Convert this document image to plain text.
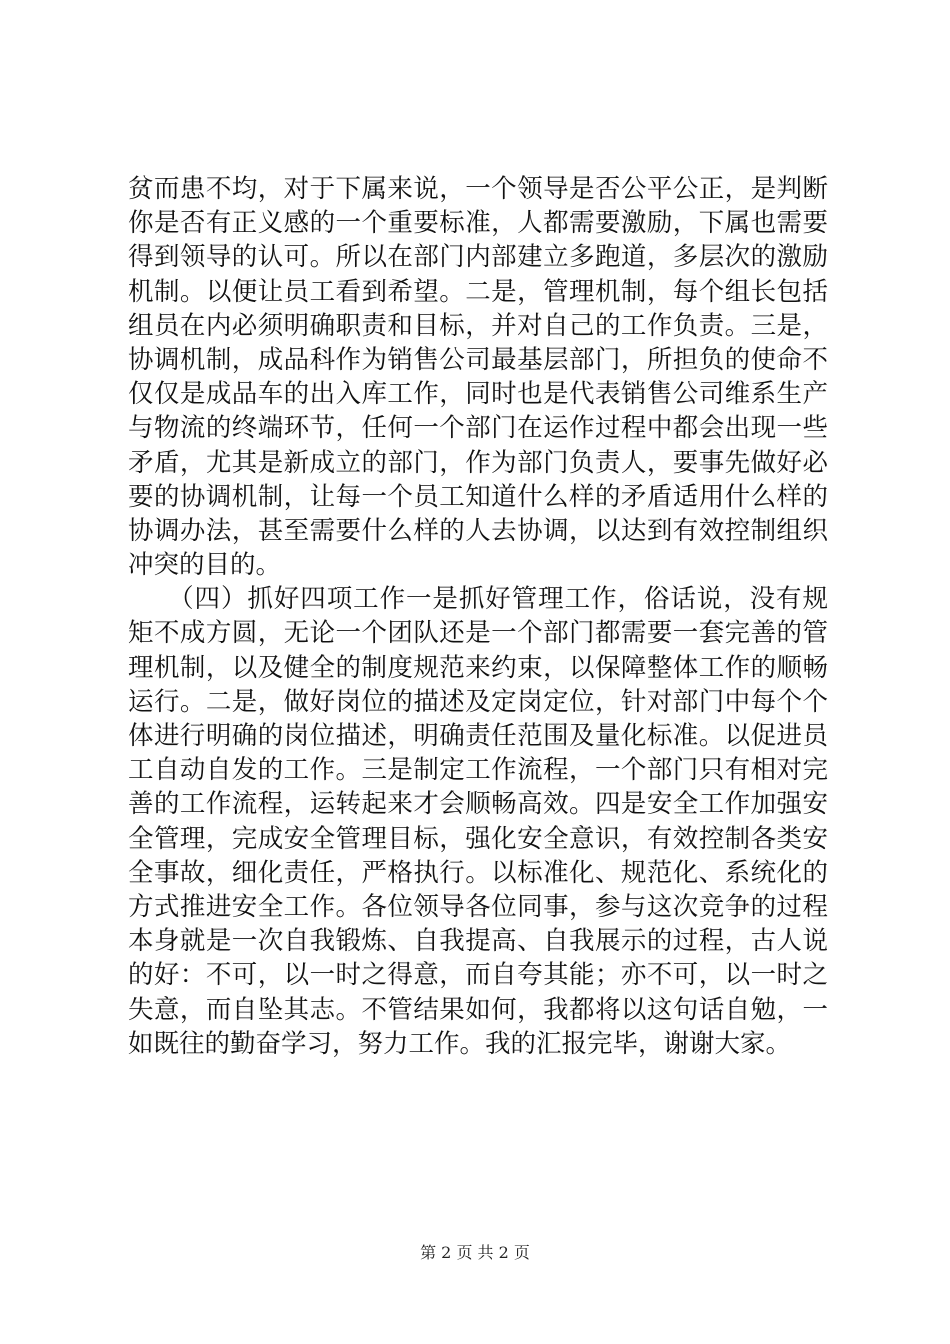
贫而患不均，对于下属来说，一个领导是否公平公正，是判断
你是否有正义感的一个重要标准，人都需要激励，下属也需要
得到领导的认可。所以在部门内部建立多跑道，多层次的激励
机制。以便让员工看到希望。二是，管理机制，每个组长包括
组员在内必须明确职责和目标，并对自己的工作负责。三是，
协调机制，成品科作为销售公司最基层部门，所担负的使命不
仅仅是成品车的出入库工作，同时也是代表销售公司维系生产
与物流的终端环节，任何一个部门在运作过程中都会出现一些
矛盾，尤其是新成立的部门，作为部门负责人，要事先做好必
要的协调机制，让每一个员工知道什么样的矛盾适用什么样的
协调办法，甚至需要什么样的人去协调，以达到有效控制组织
冲突的目的。
　　（四）抓好四项工作一是抓好管理工作，俗话说，没有规
矩不成方圆，无论一个团队还是一个部门都需要一套完善的管
理机制，以及健全的制度规范来约束，以保障整体工作的顺畅
运行。二是，做好岗位的描述及定岗定位，针对部门中每个个
体进行明确的岗位描述，明确责任范围及量化标准。以促进员
工自动自发的工作。三是制定工作流程，一个部门只有相对完
善的工作流程，运转起来才会顺畅高效。四是安全工作加强安
全管理，完成安全管理目标，强化安全意识，有效控制各类安
全事故，细化责任，严格执行。以标准化、规范化、系统化的
方式推进安全工作。各位领导各位同事，参与这次竞争的过程
本身就是一次自我锻炼、自我提高、自我展示的过程，古人说
的好：不可，以一时之得意，而自夸其能；亦不可，以一时之
失意，而自坠其志。不管结果如何，我都将以这句话自勉，一
如既往的勤奋学习，努力工作。我的汇报完毕，谢谢大家。
第 2 页 共 2 页
